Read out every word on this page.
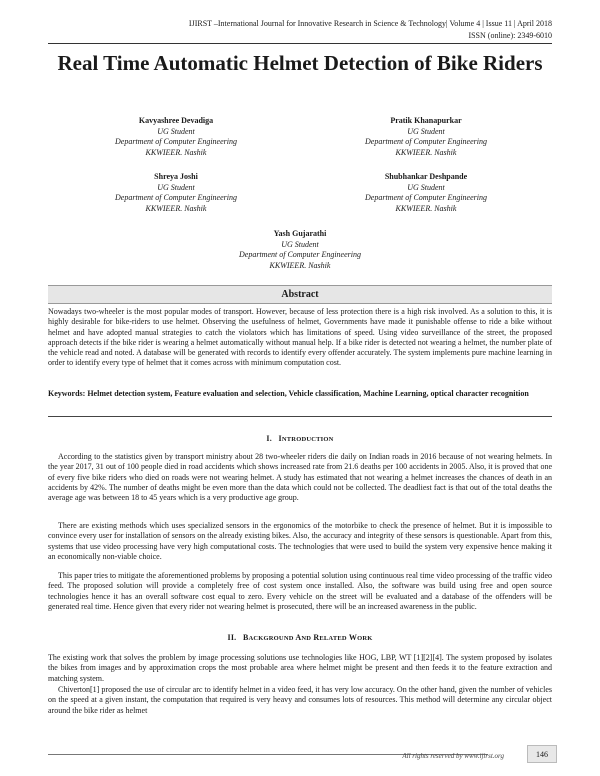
IJIRST –International Journal for Innovative Research in Science & Technology| Volume 4 | Issue 11 | April 2018
ISSN (online): 2349-6010
Real Time Automatic Helmet Detection of Bike Riders
Kavyashree Devadiga
UG Student
Department of Computer Engineering
KKWIEER. Nashik
Pratik Khanapurkar
UG Student
Department of Computer Engineering
KKWIEER. Nashik
Shreya Joshi
UG Student
Department of Computer Engineering
KKWIEER. Nashik
Shubhankar Deshpande
UG Student
Department of Computer Engineering
KKWIEER. Nashik
Yash Gujarathi
UG Student
Department of Computer Engineering
KKWIEER. Nashik
Abstract

Nowadays two-wheeler is the most popular modes of transport. However, because of less protection there is a high risk involved. As a solution to this, it is highly desirable for bike-riders to use helmet. Observing the usefulness of helmet, Governments have made it punishable offense to ride a bike without helmet and have adopted manual strategies to catch the violators which has limitations of speed. Using video surveillance of the street, the proposed approach detects if the bike rider is wearing a helmet automatically without manual help. If a bike rider is detected not wearing a helmet, the number plate of the vehicle read and noted. A database will be generated with records to identify every offender accurately. The system implements pure machine learning in order to identify every type of helmet that it comes across with minimum computation cost.

Keywords: Helmet detection system, Feature evaluation and selection, Vehicle classification, Machine Learning, optical character recognition

I. INTRODUCTION

According to the statistics given by transport ministry about 28 two-wheeler riders die daily on Indian roads in 2016 because of not wearing helmets. In the year 2017, 31 out of 100 people died in road accidents which shows increased rate from 21.6 deaths per 100 accidents in 2005. Also, it is proved that one of every five bike riders who died on roads were not wearing helmet. A study has estimated that not wearing a helmet increases the chances of death in an accidents by 42%. The number of deaths might be even more than the data which could not be collected. The deadliest fact is that out of the total deaths the average age was between 18 to 45 years which is a very productive age group.

There are existing methods which uses specialized sensors in the ergonomics of the motorbike to check the presence of helmet. But it is impossible to convince every user for installation of sensors on the already existing bikes. Also, the accuracy and integrity of these sensors is questionable. Apart from this, systems that use video processing have very high computational costs. The technologies that were used to build the system very expensive hence making it an economically non-viable choice.

This paper tries to mitigate the aforementioned problems by proposing a potential solution using continuous real time video processing of the traffic video feed. The proposed solution will provide a completely free of cost system once installed. Also, the software was build using free and open source technologies hence it has an overall software cost equal to zero. Every vehicle on the street will be evaluated and a database of the offenders will be generated real time. Hence given that every rider not wearing helmet is prosecuted, there will be an increased awareness in the public.

II. BACKGROUND AND RELATED WORK

The existing work that solves the problem by image processing solutions use technologies like HOG, LBP, WT [1][2][4]. The system proposed by isolates the bikes from images and by approximation crops the most probable area where helmet might be present and then feeds it to the feature extraction and matching system.

Chiverton[1] proposed the use of circular arc to identify helmet in a video feed, it has very low accuracy. On the other hand, given the number of vehicles on the speed at a given instant, the computation that required is very heavy and consumes lots of resources. This method will determine any circular object around the bike rider as helmet

All rights reserved by www.ijirst.org	146
